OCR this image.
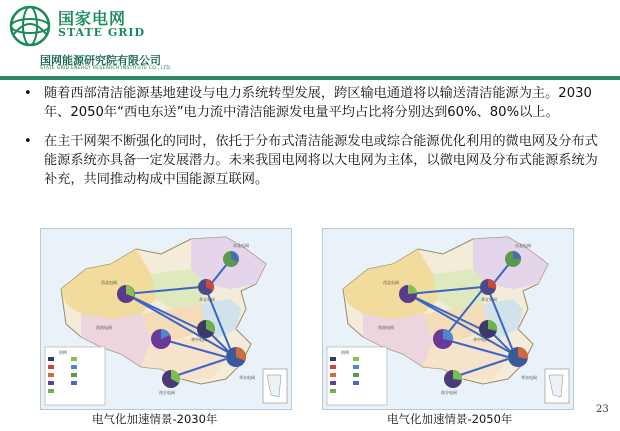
国家电网
STATE GRID
国网能源研究院有限公司
STATE GRID ENERGY RESEARCH INSTITUTE CO., LTD.
• 随着西部清洁能源基地建设与电力系统转型发展，跨区输电通道将以输送清洁能源为主。2030年、2050年“西电东送”电力流中清洁能源发电量平均占比将分别达到60%、80%以上。
• 在主干网架不断强化的同时，依托于分布式清洁能源发电或综合能源优化利用的微电网及分布式能源系统亦具备一定发展潜力。未来我国电网将以大电网为主体，以微电网及分布式能源系统为补充，共同推动构成中国能源互联网。
东北电网
华北电网
西北电网
华中电网
西南电网
华东电网
南方电网
图例
东北电网
华北电网
西北电网
华中电网
西南电网
华东电网
南方电网
图例
电气化加速情景-2030年	电气化加速情景-2050年
23
